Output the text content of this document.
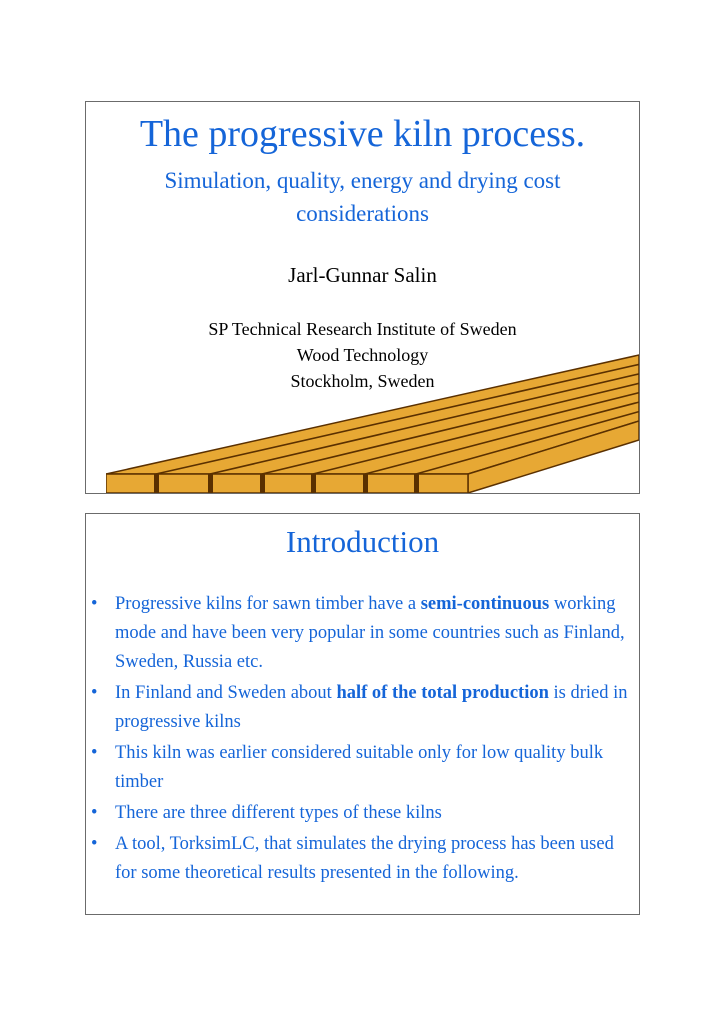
The progressive kiln process.
Simulation, quality, energy and drying cost
considerations
Jarl-Gunnar Salin
SP Technical Research Institute of Sweden
Wood Technology
Stockholm, Sweden
Introduction
• Progressive kilns for sawn timber have a semi-continuous working mode and have been very popular in some countries such as Finland, Sweden, Russia etc.
• In Finland and Sweden about half of the total production is dried in progressive kilns
• This kiln was earlier considered suitable only for low quality bulk timber
• There are three different types of these kilns
• A tool, TorksimLC, that simulates the drying process has been used for some theoretical results presented in the following.
